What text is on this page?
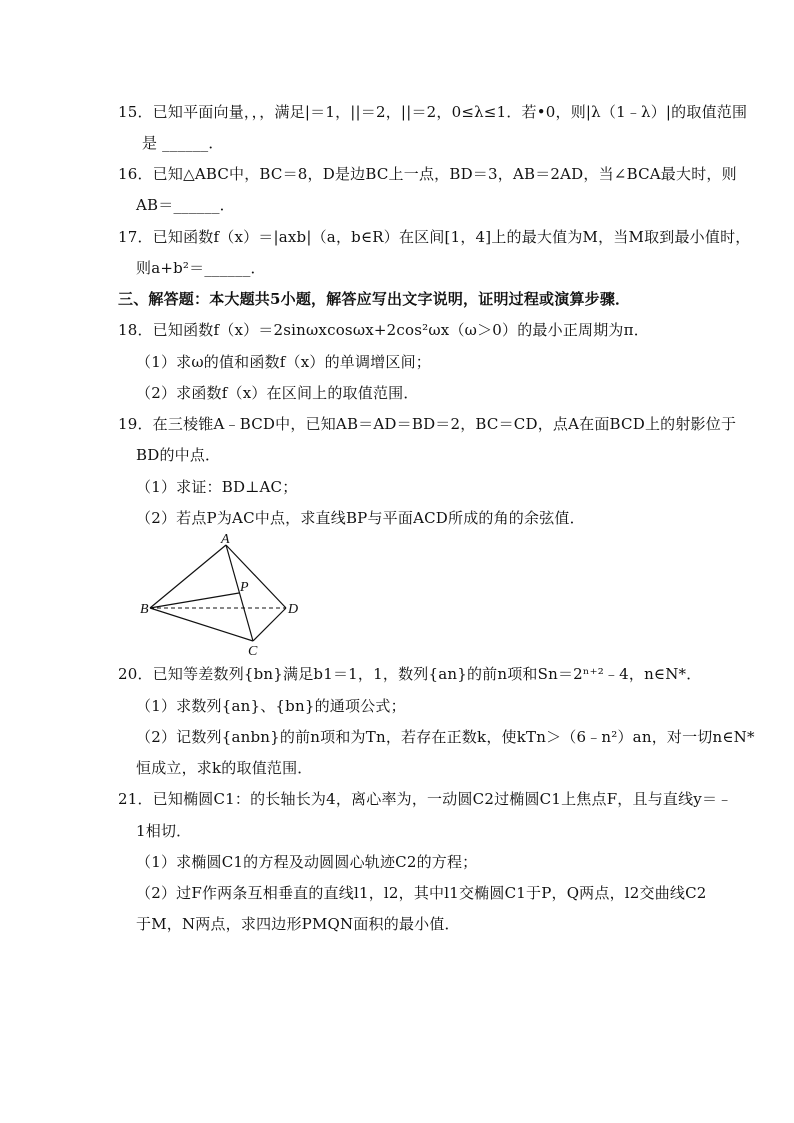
15．已知平面向量，，，满足|＝1，||＝2，||＝2，0≤λ≤1．若•0，则|λ（1﹣λ）|的取值范围
是 ______．
16．已知△ABC中，BC＝8，D是边BC上一点，BD＝3，AB＝2AD，当∠BCA最大时，则
AB＝______．
17．已知函数f（x）＝|axb|（a，b∈R）在区间[1，4]上的最大值为M，当M取到最小值时，
则a+b²＝______．
三、解答题：本大题共5小题，解答应写出文字说明，证明过程或演算步骤．
18．已知函数f（x）＝2sinωxcosωx+2cos²ωx（ω＞0）的最小正周期为π．
（1）求ω的值和函数f（x）的单调增区间；
（2）求函数f（x）在区间上的取值范围．
19．在三棱锥A﹣BCD中，已知AB＝AD＝BD＝2，BC＝CD，点A在面BCD上的射影位于
BD的中点．
（1）求证：BD⊥AC；
（2）若点P为AC中点，求直线BP与平面ACD所成的角的余弦值．
A
B
C
D
P
20．已知等差数列{bn}满足b1＝1，1，数列{an}的前n项和Sn＝2ⁿ⁺²﹣4，n∈N*．
（1）求数列{an}、{bn}的通项公式；
（2）记数列{anbn}的前n项和为Tn，若存在正数k，使kTn＞（6﹣n²）an，对一切n∈N*
恒成立，求k的取值范围．
21．已知椭圆C1：的长轴长为4，离心率为，一动圆C2过椭圆C1上焦点F，且与直线y＝﹣
1相切．
（1）求椭圆C1的方程及动圆圆心轨迹C2的方程；
（2）过F作两条互相垂直的直线l1，l2，其中l1交椭圆C1于P，Q两点，l2交曲线C2
于M，N两点，求四边形PMQN面积的最小值．
